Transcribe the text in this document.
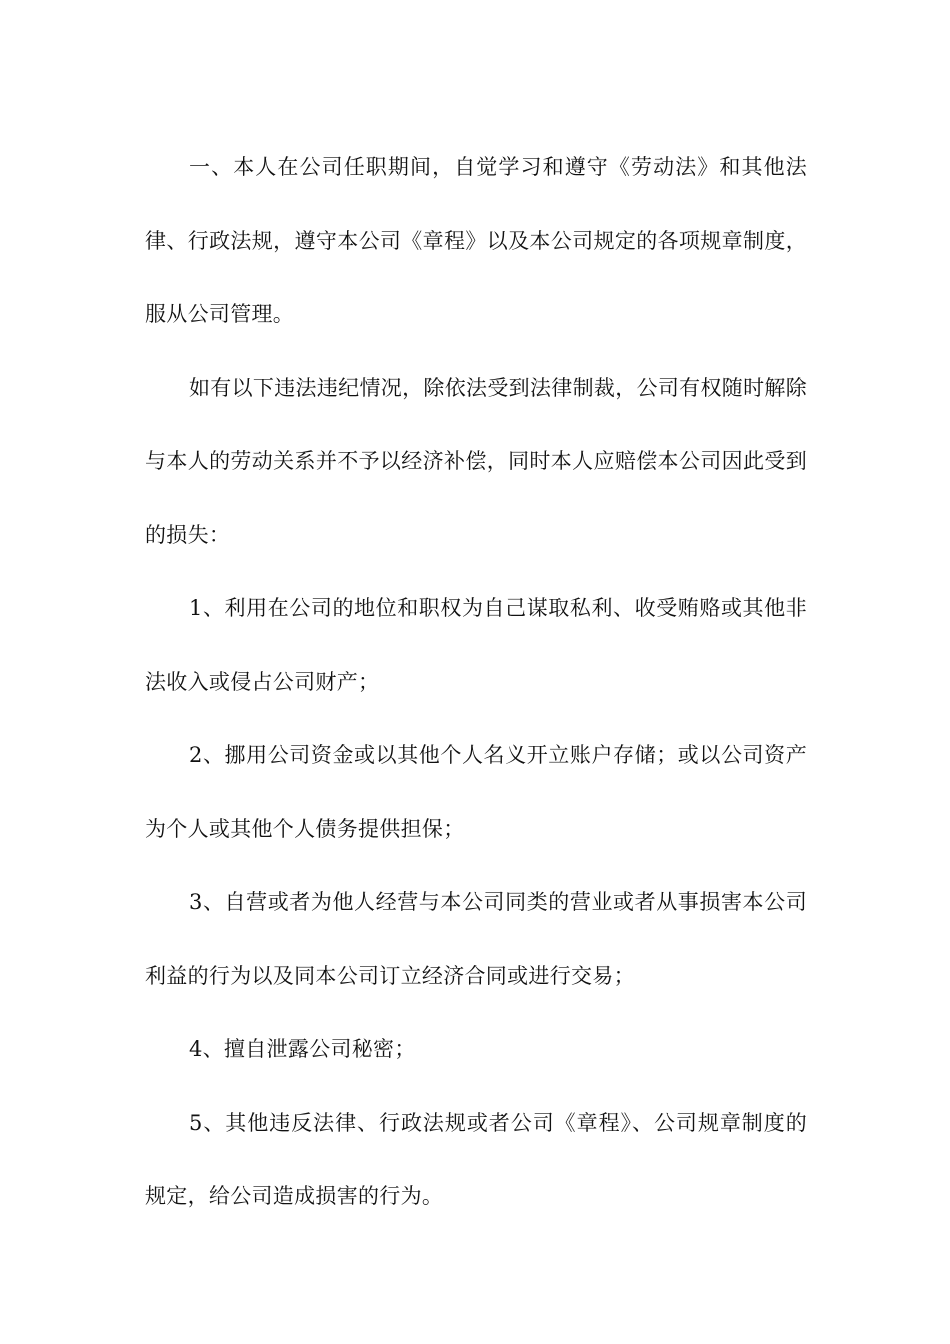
一、本人在公司任职期间，自觉学习和遵守《劳动法》和其他法律、行政法规，遵守本公司《章程》以及本公司规定的各项规章制度，服从公司管理。

如有以下违法违纪情况，除依法受到法律制裁，公司有权随时解除与本人的劳动关系并不予以经济补偿，同时本人应赔偿本公司因此受到的损失：

1、利用在公司的地位和职权为自己谋取私利、收受贿赂或其他非法收入或侵占公司财产；

2、挪用公司资金或以其他个人名义开立账户存储；或以公司资产为个人或其他个人债务提供担保；

3、自营或者为他人经营与本公司同类的营业或者从事损害本公司利益的行为以及同本公司订立经济合同或进行交易；

4、擅自泄露公司秘密；

5、其他违反法律、行政法规或者公司《章程》、公司规章制度的规定，给公司造成损害的行为。
